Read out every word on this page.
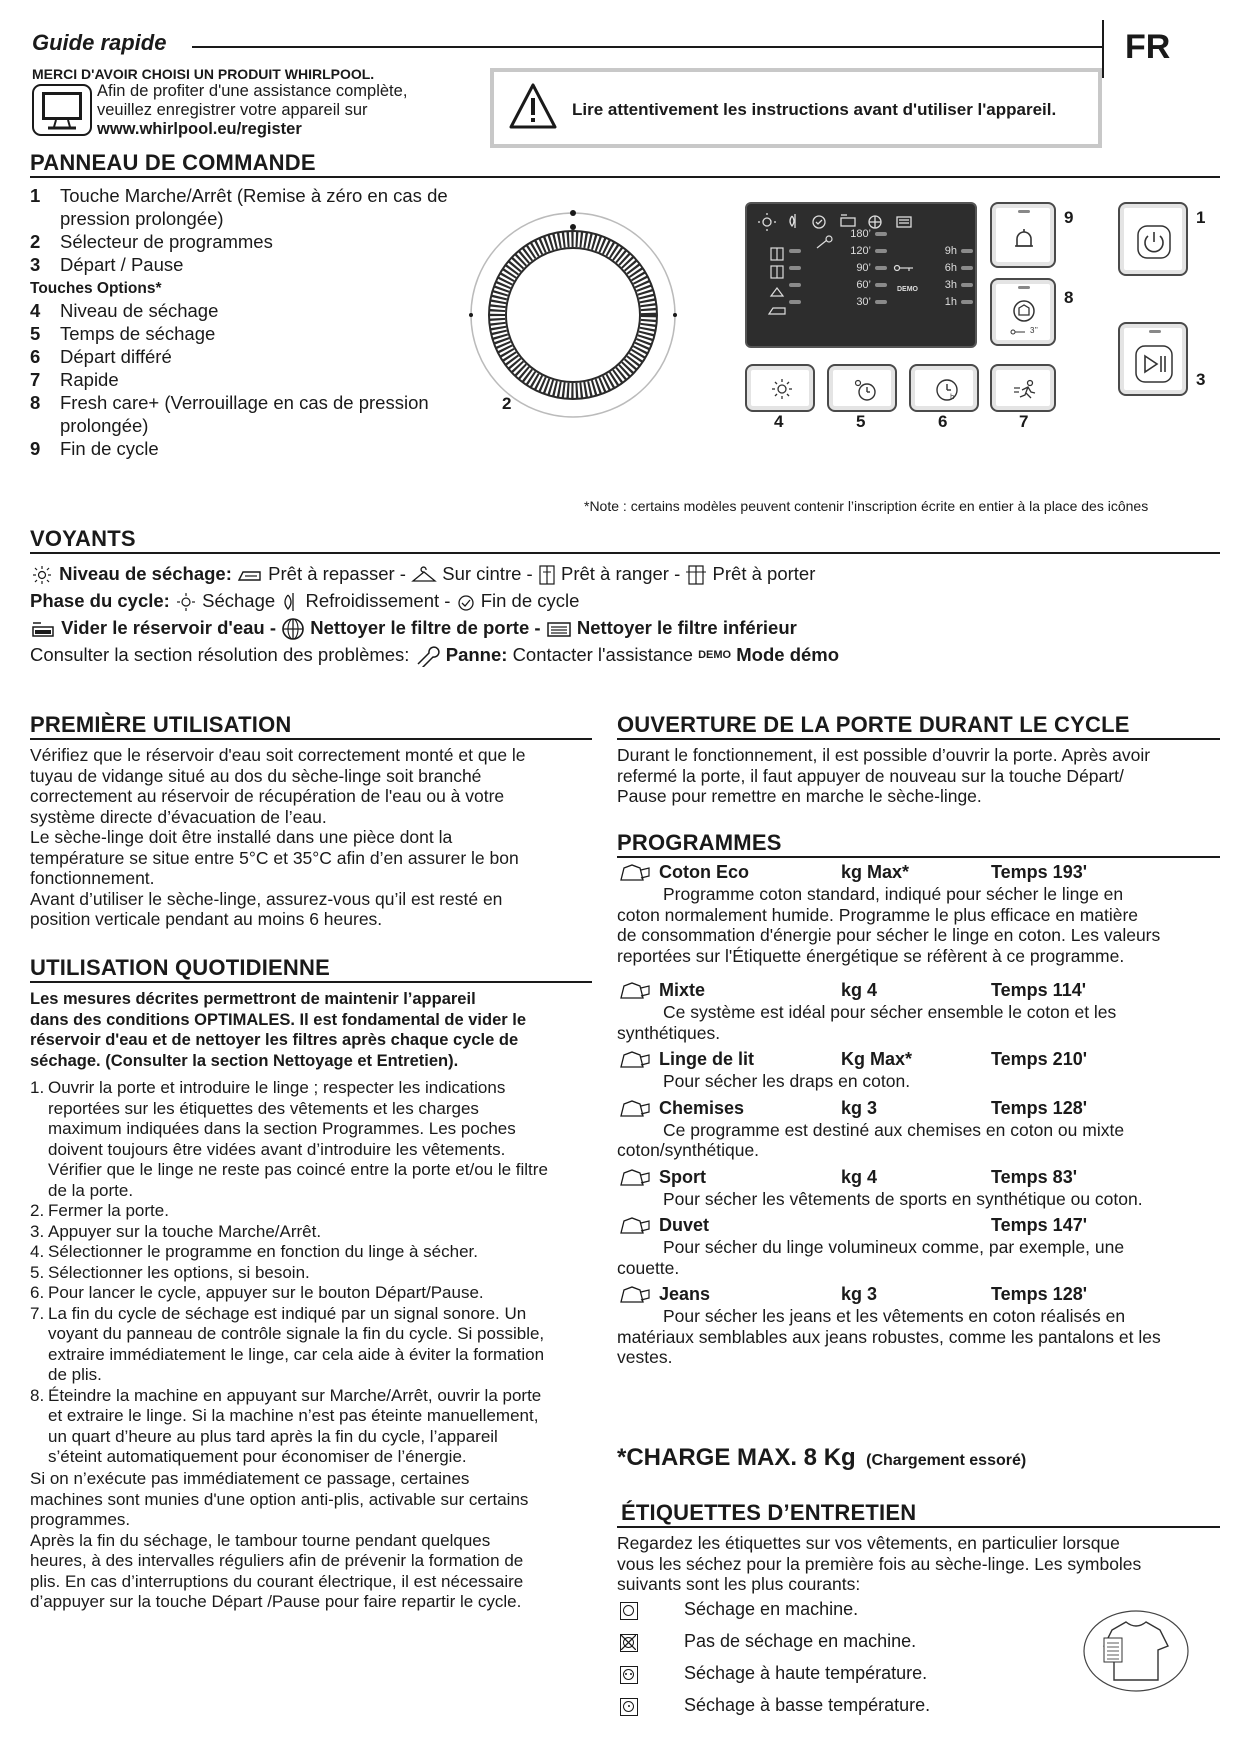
Guide rapide	FR
MERCI D'AVOIR CHOISI UN PRODUIT WHIRLPOOL.
Afin de profiter d'une assistance complète,
veuillez enregistrer votre appareil sur
www.whirlpool.eu/register
Lire attentivement les instructions avant d'utiliser l'appareil.
PANNEAU DE COMMANDE
1	Touche Marche/Arrêt (Remise à zéro en cas de
pression prolongée)
2	Sélecteur de programmes
3	Départ / Pause
Touches Options*
4	Niveau de séchage
5	Temps de séchage
6	Départ différé
7	Rapide
8	Fresh care+ (Verrouillage en cas de pression
prolongée)
9	Fin de cycle
2
180’
120’
90’
60’
30’
9h
6h
3h
1h
DEMO
9
3’’
8
1
3
h
4	5	6	7
*Note : certains modèles peuvent contenir l’inscription écrite en entier à la place des icônes
VOYANTS
Niveau de séchage: Prêt à repasser - Sur cintre - Prêt à ranger - Prêt à porter
Phase du cycle: Séchage Refroidissement - Fin de cycle
Vider le réservoir d'eau - Nettoyer le filtre de porte - Nettoyer le filtre inférieur
Consulter la section résolution des problèmes: Panne: Contacter l'assistance DEMO Mode démo
PREMIÈRE UTILISATION
Vérifiez que le réservoir d'eau soit correctement monté et que le
tuyau de vidange situé au dos du sèche-linge soit branché
correctement au réservoir de récupération de l'eau ou à votre
système directe d’évacuation de l’eau.
Le sèche-linge doit être installé dans une pièce dont la
température se situe entre 5°C et 35°C afin d’en assurer le bon
fonctionnement.
Avant d’utiliser le sèche-linge, assurez-vous qu’il est resté en
position verticale pendant au moins 6 heures.
UTILISATION QUOTIDIENNE
Les mesures décrites permettront de maintenir l’appareil
dans des conditions OPTIMALES. Il est fondamental de vider le
réservoir d'eau et de nettoyer les filtres après chaque cycle de
séchage. (Consulter la section Nettoyage et Entretien).
1. Ouvrir la porte et introduire le linge ; respecter les indications
reportées sur les étiquettes des vêtements et les charges
maximum indiquées dans la section Programmes. Les poches
doivent toujours être vidées avant d’introduire les vêtements.
Vérifier que le linge ne reste pas coincé entre la porte et/ou le filtre
de la porte.
2. Fermer la porte.
3. Appuyer sur la touche Marche/Arrêt.
4. Sélectionner le programme en fonction du linge à sécher.
5. Sélectionner les options, si besoin.
6. Pour lancer le cycle, appuyer sur le bouton Départ/Pause.
7. La fin du cycle de séchage est indiqué par un signal sonore. Un
voyant du panneau de contrôle signale la fin du cycle. Si possible,
extraire immédiatement le linge, car cela aide à éviter la formation
de plis.
8. Éteindre la machine en appuyant sur Marche/Arrêt, ouvrir la porte
et extraire le linge. Si la machine n’est pas éteinte manuellement,
un quart d’heure au plus tard après la fin du cycle, l’appareil
s’éteint automatiquement pour économiser de l’énergie.
Si on n’exécute pas immédiatement ce passage, certaines
machines sont munies d'une option anti-plis, activable sur certains
programmes.
Après la fin du séchage, le tambour tourne pendant quelques
heures, à des intervalles réguliers afin de prévenir la formation de
plis. En cas d’interruptions du courant électrique, il est nécessaire
d’appuyer sur la touche Départ /Pause pour faire repartir le cycle.
OUVERTURE DE LA PORTE DURANT LE CYCLE
Durant le fonctionnement, il est possible d’ouvrir la porte. Après avoir
refermé la porte, il faut appuyer de nouveau sur la touche Départ/
Pause pour remettre en marche le sèche-linge.
PROGRAMMES
Coton Eco	kg Max*	Temps 193'
Programme coton standard, indiqué pour sécher le linge en
coton normalement humide. Programme le plus efficace en matière
de consommation d'énergie pour sécher le linge en coton. Les valeurs
reportées sur l'Étiquette énergétique se réfèrent à ce programme.
Mixte	kg 4	Temps 114'
Ce système est idéal pour sécher ensemble le coton et les
synthétiques.
Linge de lit	Kg Max*	Temps 210'
Pour sécher les draps en coton.
Chemises	kg 3	Temps 128'
Ce programme est destiné aux chemises en coton ou mixte
coton/synthétique.
Sport	kg 4	Temps 83'
Pour sécher les vêtements de sports en synthétique ou coton.
Duvet	Temps 147'
Pour sécher du linge volumineux comme, par exemple, une
couette.
Jeans	kg 3	Temps 128'
Pour sécher les jeans et les vêtements en coton réalisés en
matériaux semblables aux jeans robustes, comme les pantalons et les
vestes.
*CHARGE MAX. 8 Kg (Chargement essoré)
ÉTIQUETTES D’ENTRETIEN
Regardez les étiquettes sur vos vêtements, en particulier lorsque
vous les séchez pour la première fois au sèche-linge. Les symboles
suivants sont les plus courants:
Séchage en machine.
Pas de séchage en machine.
Séchage à haute température.
Séchage à basse température.
